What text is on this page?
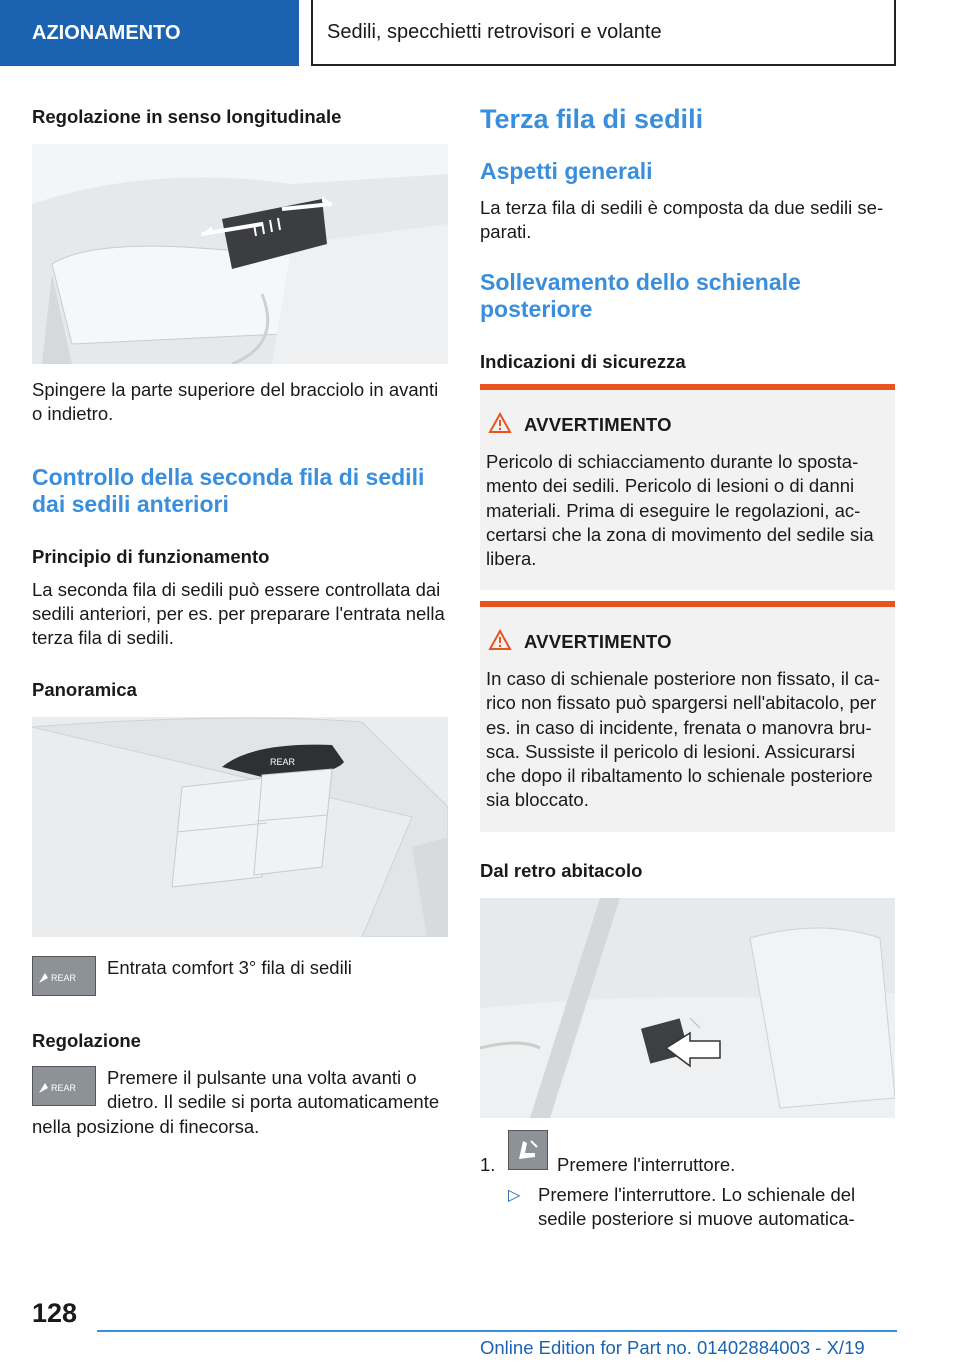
AZIONAMENTO	Sedili, specchietti retrovisori e volante
Regolazione in senso longitudinale
Spingere la parte superiore del bracciolo in avanti o indietro.
Controllo della seconda fila di sedili dai sedili anteriori
Principio di funzionamento
La seconda fila di sedili può essere controllata dai sedili anteriori, per es. per preparare l'entrata nella terza fila di sedili.
Panoramica
REAR
REAR Entrata comfort 3° fila di sedili
Regolazione
REAR Premere il pulsante una volta avanti o
dietro. Il sedile si porta automaticamente
nella posizione di finecorsa.
Terza fila di sedili
Aspetti generali
La terza fila di sedili è composta da due sedili separati.
Sollevamento dello schienale posteriore
Indicazioni di sicurezza
AVVERTIMENTO
Pericolo di schiacciamento durante lo spostamento dei sedili. Pericolo di lesioni o di danni materiali. Prima di eseguire le regolazioni, accertarsi che la zona di movimento del sedile sia libera.
AVVERTIMENTO
In caso di schienale posteriore non fissato, il carico non fissato può spargersi nell'abitacolo, per es. in caso di incidente, frenata o manovra brusca. Sussiste il pericolo di lesioni. Assicurarsi che dopo il ribaltamento lo schienale posteriore sia bloccato.
Dal retro abitacolo
1.	Premere l'interruttore.
▷ Premere l'interruttore. Lo schienale del sedile posteriore si muove automatica-
128
Online Edition for Part no. 01402884003 - X/19
